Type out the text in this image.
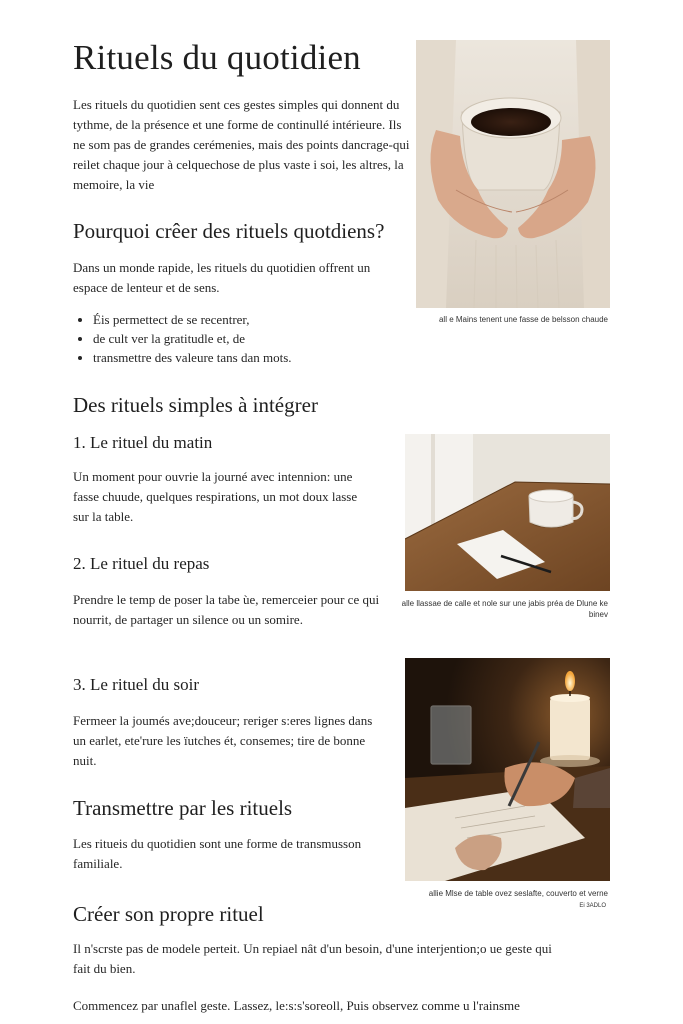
Rituels du quotidien

Les rituels du quotidien sent ces gestes simples qui donnent du tythme, de la présence et une forme de continullé intérieure. Ils ne som pas de grandes cerémenies, mais des points dancrage-qui reilet chaque jour à celquechose de plus vaste i soi, les altres, la memoire, la vie

all e Mains tenent une fasse de belsson chaude
Pourquoi crêer des rituels quotdiens?

Dans un monde rapide, les rituels du quotidien offrent un espace de lenteur et de sens.

• Éis permettect de se recentrer,
• de cult ver la gratitudle et, de
• transmettre des valeure tans dan mots.
Des rituels simples à intégrer
1. Le rituel du matin

Un moment pour ouvrie la journé avec intennion: une fasse chuude, quelques respirations, un mot doux lasse sur la table.

alle llassae de calle et nole sur une jabis préa de Dlune ke binev
2. Le rituel du repas

Prendre le temp de poser la tabe ùe, remerceier pour ce qui nourrit, de partager un silence ou un somire.

allie Mlse de table ovez seslafte, couverto et verne
Ei 3ADLO
3. Le rituel du soir

Fermeer la joumés ave;douceur; reriger s:eres lignes dans un earlet, ete'rure les ïutches ét, consemes; tire de bonne nuit.

Transmettre par les rituels

Les ritueis du quotidien sont une forme de transmusson familiale.

Créer son propre rituel

Il n'scrste pas de modele perteit. Un repiael nât d'un besoin, d'une interjention;o ue geste qui fait du bien.

Commencez par unaflel geste. Lassez, le:s:s'soreoll, Puis observez comme u l'rainsme
